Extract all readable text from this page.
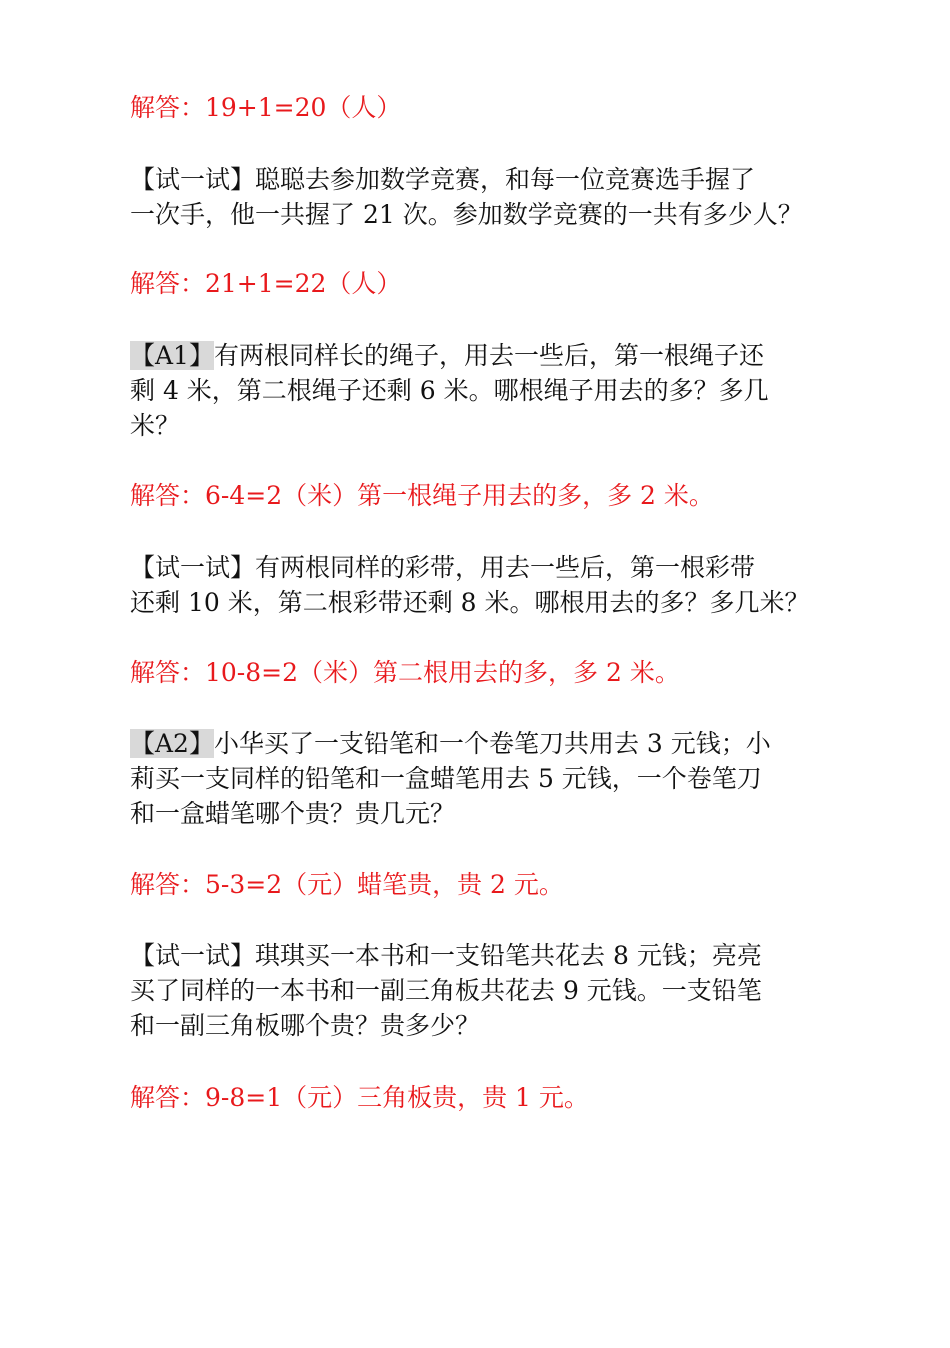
解答：19+1=20（人）
【试一试】聪聪去参加数学竞赛，和每一位竞赛选手握了
一次手，他一共握了 21 次。参加数学竞赛的一共有多少人？
解答：21+1=22（人）
【A1】有两根同样长的绳子，用去一些后，第一根绳子还
剩 4 米，第二根绳子还剩 6 米。哪根绳子用去的多？多几
米？
解答：6-4=2（米）第一根绳子用去的多，多 2 米。
【试一试】有两根同样的彩带，用去一些后，第一根彩带
还剩 10 米，第二根彩带还剩 8 米。哪根用去的多？多几米？
解答：10-8=2（米）第二根用去的多，多 2 米。
【A2】小华买了一支铅笔和一个卷笔刀共用去 3 元钱；小
莉买一支同样的铅笔和一盒蜡笔用去 5 元钱，一个卷笔刀
和一盒蜡笔哪个贵？贵几元？
解答：5-3=2（元）蜡笔贵，贵 2 元。
【试一试】琪琪买一本书和一支铅笔共花去 8 元钱；亮亮
买了同样的一本书和一副三角板共花去 9 元钱。一支铅笔
和一副三角板哪个贵？贵多少？
解答：9-8=1（元）三角板贵，贵 1 元。
